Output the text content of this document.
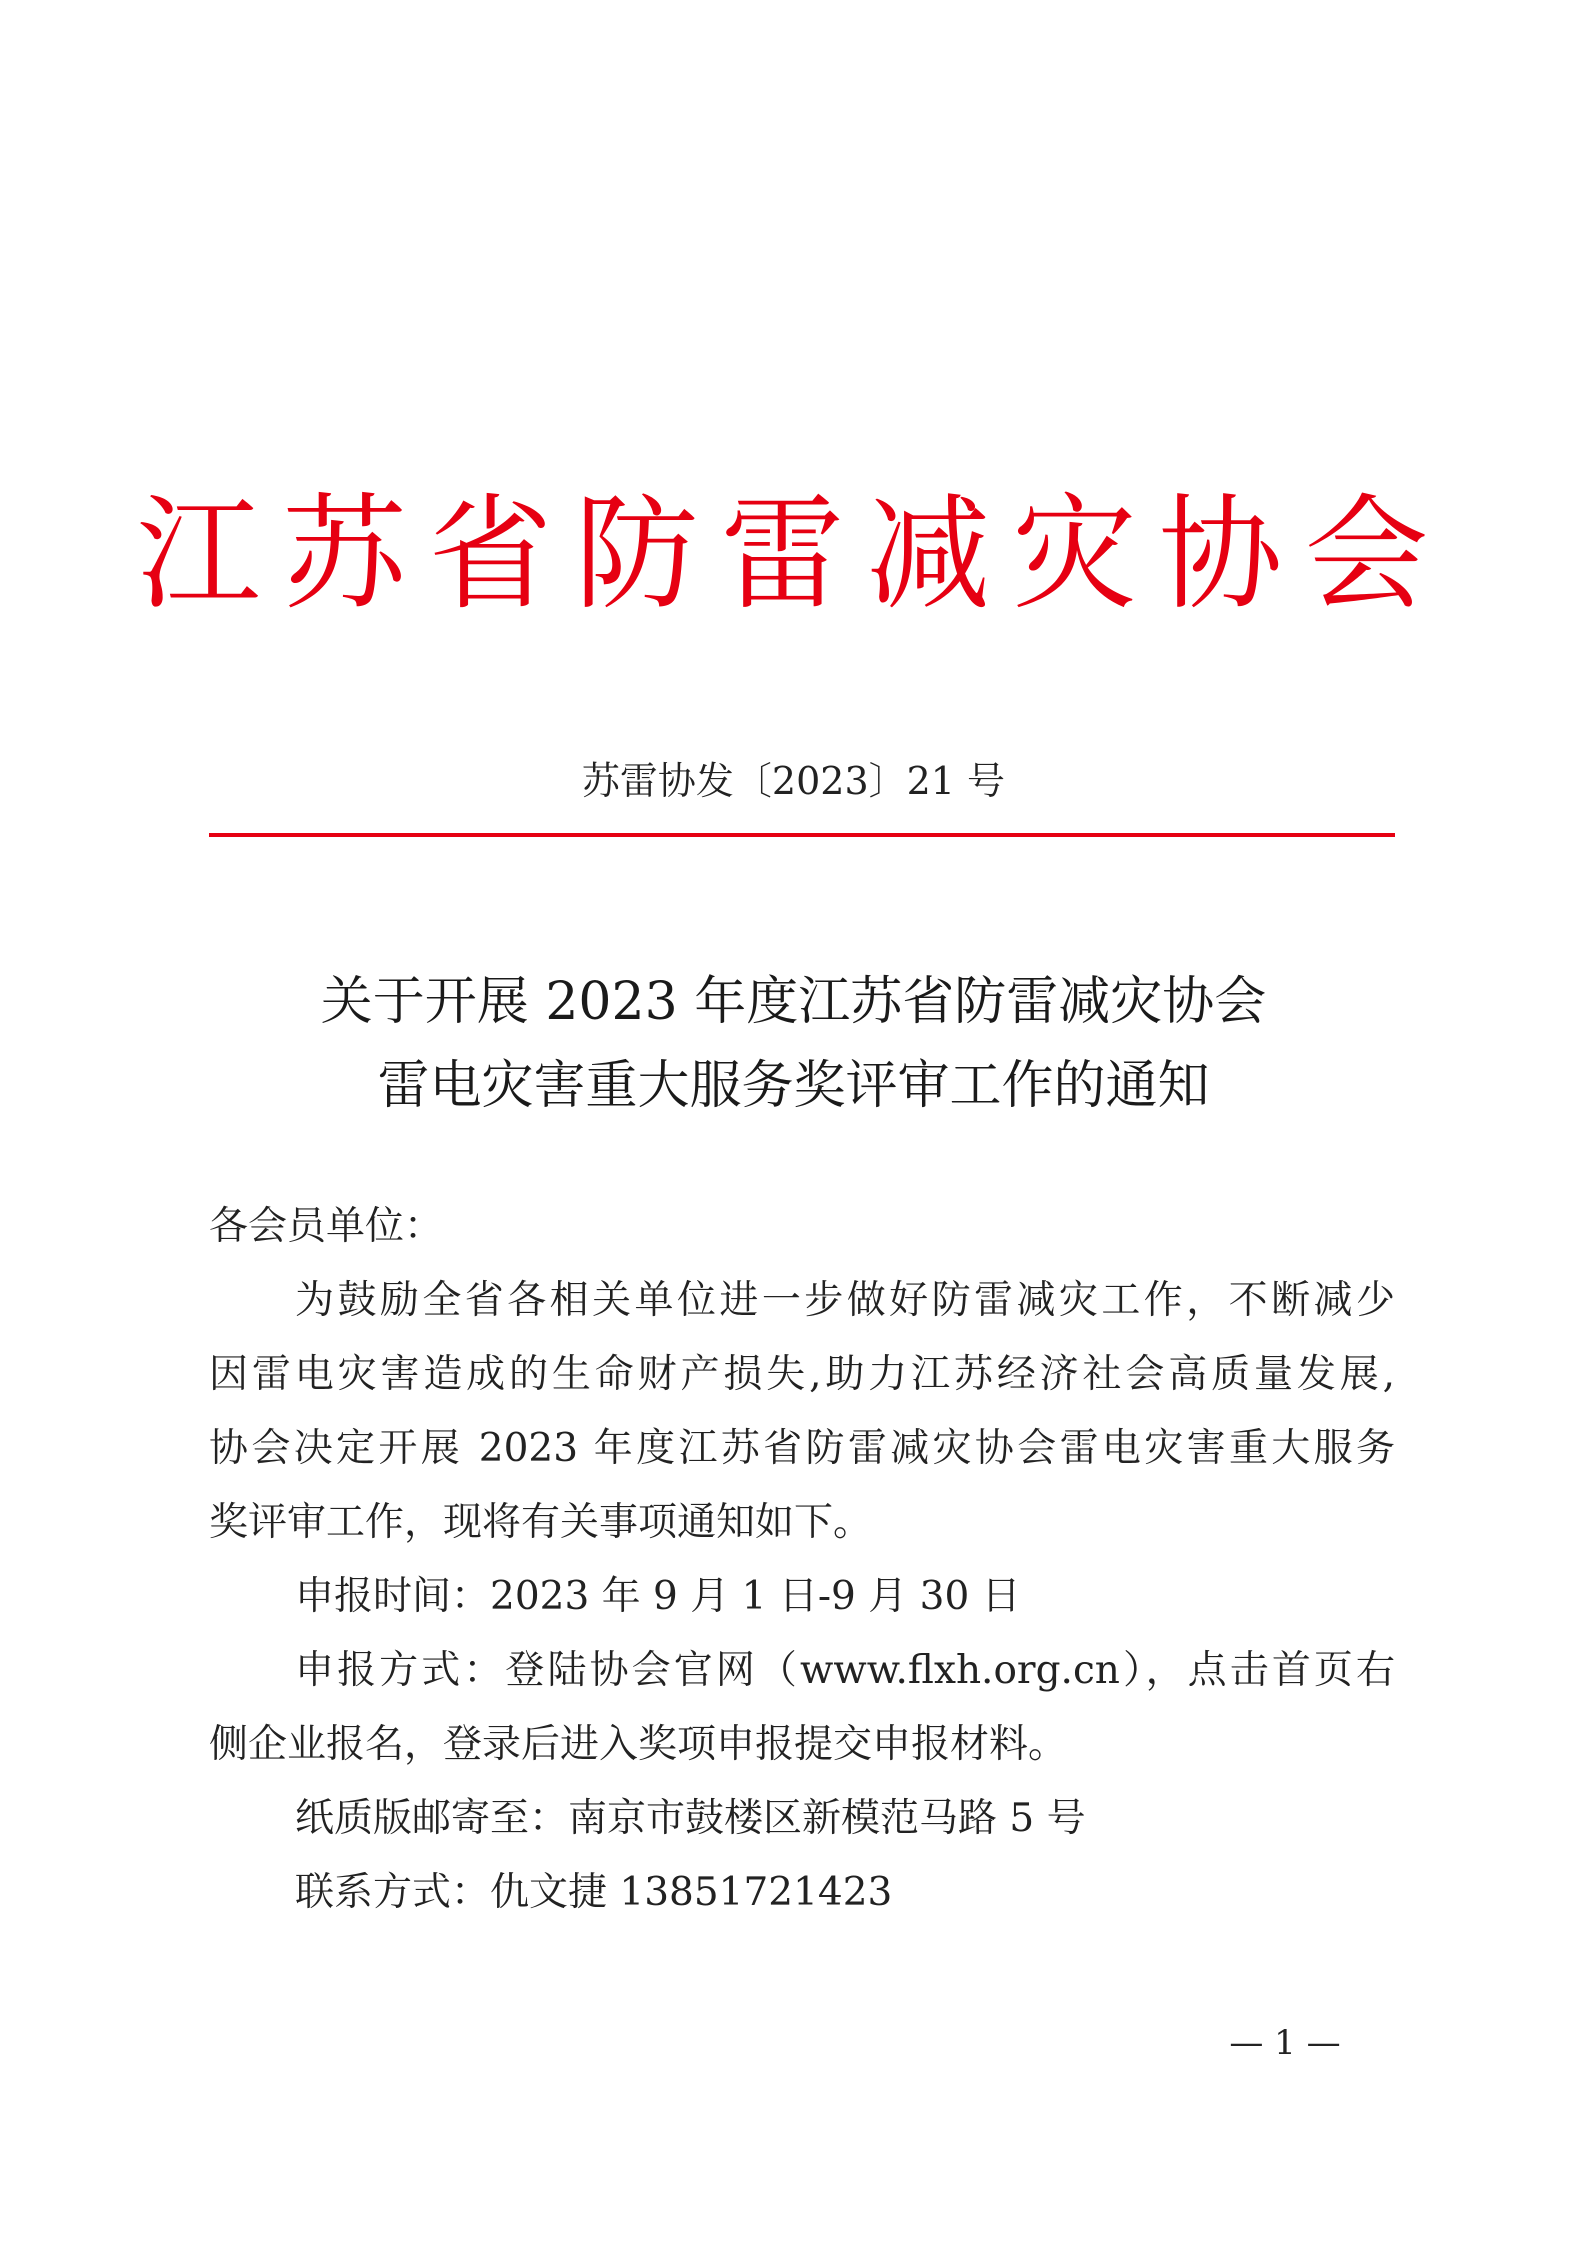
江苏省防雷减灾协会
苏雷协发〔2023〕21 号
关于开展 2023 年度江苏省防雷减灾协会
雷电灾害重大服务奖评审工作的通知
各会员单位：
为鼓励全省各相关单位进一步做好防雷减灾工作，不断减少
因雷电灾害造成的生命财产损失,助力江苏经济社会高质量发展,
协会决定开展 2023 年度江苏省防雷减灾协会雷电灾害重大服务
奖评审工作，现将有关事项通知如下。
申报时间：2023 年 9 月 1 日-9 月 30 日
申报方式：登陆协会官网（www.flxh.org.cn），点击首页右
侧企业报名，登录后进入奖项申报提交申报材料。
纸质版邮寄至：南京市鼓楼区新模范马路 5 号
联系方式：仇文捷 13851721423
— 1 —
